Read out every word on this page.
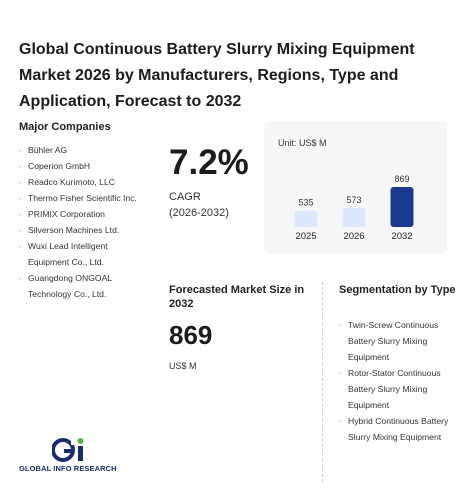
Global Continuous Battery Slurry Mixing Equipment Market 2026 by Manufacturers, Regions, Type and Application, Forecast to 2032
Major Companies
· Bühler AG
· Coperion GmbH
· Readco Kurimoto, LLC
· Thermo Fisher Scientific Inc.
· PRIMIX Corporation
· Silverson Machines Ltd.
· Wuxi Lead Intelligent Equipment Co., Ltd.
· Guangdong ONGOAL Technology Co., Ltd.
7.2%
CAGR
(2026-2032)
Unit: US$ M
535
2025
573
2026
869
2032
Forecasted Market Size in 2032
869
US$ M
Segmentation by Type
· Twin-Screw Continuous Battery Slurry Mixing Equipment
· Rotor-Stator Continuous Battery Slurry Mixing Equipment
· Hybrid Continuous Battery Slurry Mixing Equipment
GLOBAL INFO RESEARCH
